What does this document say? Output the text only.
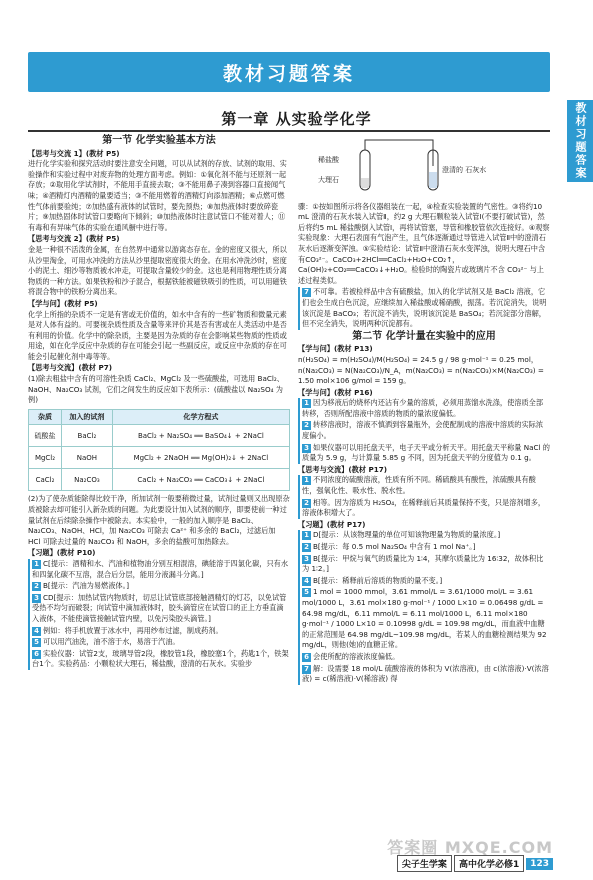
教材习题答案
教材习题答案
第一章 从实验学化学
第一节 化学实验基本方法
【思考与交流 1】(教材 P5)
进行化学实验和探究活动时要注意安全问题，可以从试剂的存放、试剂的取用、实验操作和实验过程中对废弃物的处理方面考虑。例如：①氧化剂不能与还原剂一起存放；②取用化学试剂时，不能用手直接去取；③不能用鼻子凑到容器口直接闻气味；④酒精灯内酒精的量要适当；③不能用燃着的酒精灯向添加酒精；⑥点燃可燃性气体前要验纯；⑦加热盛有液体的试管时，要先预热；⑧加热液体时要放碎瓷片；⑨加热固体时试管口要略向下倾斜；⑩加热液体时注意试管口不能对着人；⑪有毒和有异味气体的实验在通风橱中进行等。
【思考与交流 2】(教材 P5)
金是一种很不活泼的金属，在自然界中通常以游离态存在。金的密度又很大，所以从沙里淘金，可用水冲洗的方法从沙里提取密度很大的金。在用水冲洗沙时，密度小的泥土、细沙等物质被水冲走，可提取含量较少的金。这也是利用物理性质分离物质的一种方法。如果铁粉和沙子混合，根据铁能被磁铁吸引的性质，可以用磁铁将混合物中的铁粉分离出来。
【学与问】(教材 P5)
化学上所指的杂质不一定是有害或无价值的，如水中含有的一些矿物质和微量元素是对人体有益的。可要视杂质性质及含量等来评价其是否有害或在人类活动中是否有利用的价值。化学中的除杂质，主要是因为杂质的存在会影响某些物质的性质或用途，如在化学反应中杂质的存在可能会引起一些副反应，或反应中杂质的存在可能会引起催化剂中毒等等。
【思考与交流】(教材 P7)
(1)除去粗盐中含有的可溶性杂质 CaCl₂、MgCl₂ 及一些硫酸盐，可选用 BaCl₂、NaOH、Na₂CO₃ 试剂，它们之间发生的反应如下表所示：(硫酸盐以 Na₂SO₄ 为例)
杂质	加入的试剂	化学方程式
硫酸盐	BaCl₂	BaCl₂ + Na₂SO₄ ══ BaSO₄↓ + 2NaCl
MgCl₂	NaOH	MgCl₂ + 2NaOH ══ Mg(OH)₂↓ + 2NaCl
CaCl₂	Na₂CO₃	CaCl₂ + Na₂CO₃ ══ CaCO₃↓ + 2NaCl
(2)为了使杂质能除得比较干净，所加试剂一般要稍微过量，试剂过量则又出现原杂质被除去却可能引入新杂质的问题。为此要设计加入试剂的顺序，即要使前一种过量试剂在后续除杂操作中被除去。本实验中，一般的加入顺序是 BaCl₂、Na₂CO₃、NaOH、HCl，加 Na₂CO₃ 可除去 Ca²⁺ 和多余的 BaCl₂，过滤后加 HCl 可除去过量的 Na₂CO₃ 和 NaOH，多余的盐酸可加热除去。
【习题】(教材 P10)
1 C[提示：酒精和水、汽油和植物油分别互相混溶，碘能溶于四氯化碳，只有水和四氯化碳不互溶，混合后分层，能用分液漏斗分离。]
2 B[提示：汽油为易燃液体。]
3 CD[提示：加热试管内物质时，切忌让试管底部接触酒精灯的灯芯，以免试管受热不均匀而破裂；向试管中滴加液体时，胶头滴管应在试管口的正上方垂直滴入液体，不能使滴管接触试管内壁，以免污染胶头滴管。]
4 例如：将手机放置于冰水中，再用纱布过滤，制成药剂。
5 可以用汽油洗，油不溶于水，易溶于汽油。
6 实验仪器：试管2支，玻璃导管2段，橡胶管1段，橡胶塞1个，药匙1个，铁架台1个。实验药品：小颗粒状大理石，稀盐酸，澄清的石灰水。实验步
稀盐酸
大理石
澄清的 石灰水
骤：①按如图所示将各仪器组装在一起，④检查实验装置的气密性。③将约10 mL 澄清的石灰水装入试管Ⅱ，约2 g 大理石颗粒装入试管Ⅰ(不要打破试管)，然后将约5 mL 稀盐酸倒入试管Ⅰ，再将试管塞，导管和橡胶管依次连接好。④观察实验现象：大理石表面有气泡产生，且气体逐渐通过导管进入试管Ⅱ中的澄清石灰水后逐渐变浑浊。⑤实验结论：试管Ⅱ中澄清石灰水变浑浊，说明大理石中含有CO₃²⁻。CaCO₃+2HCl══CaCl₂+H₂O+CO₂↑，Ca(OH)₂+CO₂══CaCO₃↓+H₂O。检验时的陶瓷片或玻璃片不含 CO₃²⁻ 与上述过程类似。
7 不可靠。若被检样品中含有硫酸盐，加入的化学试剂又是 BaCl₂ 溶液，它们也会生成白色沉淀，应继续加入稀盐酸或稀硝酸，振荡。若沉淀消失，说明该沉淀是 BaCO₃；若沉淀不消失，说明该沉淀是 BaSO₄；若沉淀部分溶解，但不完全消失，说明两种沉淀都有。
第二节 化学计量在实验中的应用
【学与问】(教材 P13)
n(H₂SO₄) = m(H₂SO₄)/M(H₂SO₄) = 24.5 g / 98 g·mol⁻¹ = 0.25 mol，n(Na₂CO₃) = N(Na₂CO₃)/N_A，m(Na₂CO₃) = n(Na₂CO₃)×M(Na₂CO₃) = 1.50 mol×106 g/mol = 159 g。
【学与问】(教材 P16)
1 因为移液后的烧杯内还沾有少量的溶质，必须用蒸馏水洗涤，使溶质全部转移，否则所配溶液中溶质的物质的量浓度偏低。
2 转移溶液时，溶液不慎洒到容量瓶外，会使配制成的溶液中溶质的实际浓度偏小。
3 如果仪器可以用托盘天平，电子天平或分析天平。用托盘天平称量 NaCl 的质量为 5.9 g，与计算量 5.85 g 不同，因为托盘天平的分度值为 0.1 g。
【思考与交流】(教材 P17)
1 不同浓度的硫酸溶液，性质有所不同。稀硫酸具有酸性，浓硫酸具有酸性，强氧化性、吸水性、脱水性。
2 相等。因为溶质为 H₂SO₄，在稀释前后其质量保持不变，只是溶剂增多，溶液体积增大了。
【习题】(教材 P17)
1 D[提示：从该物理量的单位可知该物理量为物质的量浓度。]
2 B[提示：每 0.5 mol Na₂SO₄ 中含有 1 mol Na⁺。]
3 B[提示：甲烷与氧气的质量比为 1∶4，其摩尔质量比为 16∶32，故体积比为 1∶2。]
4 B[提示：稀释前后溶质的物质的量不变。]
5 1 mol = 1000 mmol，3.61 mmol/L = 3.61/1000 mol/L = 3.61 mol/1000 L，3.61 mol×180 g·mol⁻¹ / 1000 L×10 = 0.06498 g/dL = 64.98 mg/dL，6.11 mmol/L = 6.11 mol/1000 L，6.11 mol×180 g·mol⁻¹ / 1000 L×10 = 0.10998 g/dL = 109.98 mg/dL，而血液中血糖的正常范围是 64.98 mg/dL~109.98 mg/dL，若某人的血糖检测结果为 92 mg/dL，则他(她)的血糖正常。
6 会使所配的溶液浓度偏低。
7 解：设需要 18 mol/L 硫酸溶液的体积为 V(浓溶液)，由 c(浓溶液)·V(浓溶液) = c(稀溶液)·V(稀溶液) 得
答案圈 MXQE.COM
尖子生学案	高中化学必修1	123
